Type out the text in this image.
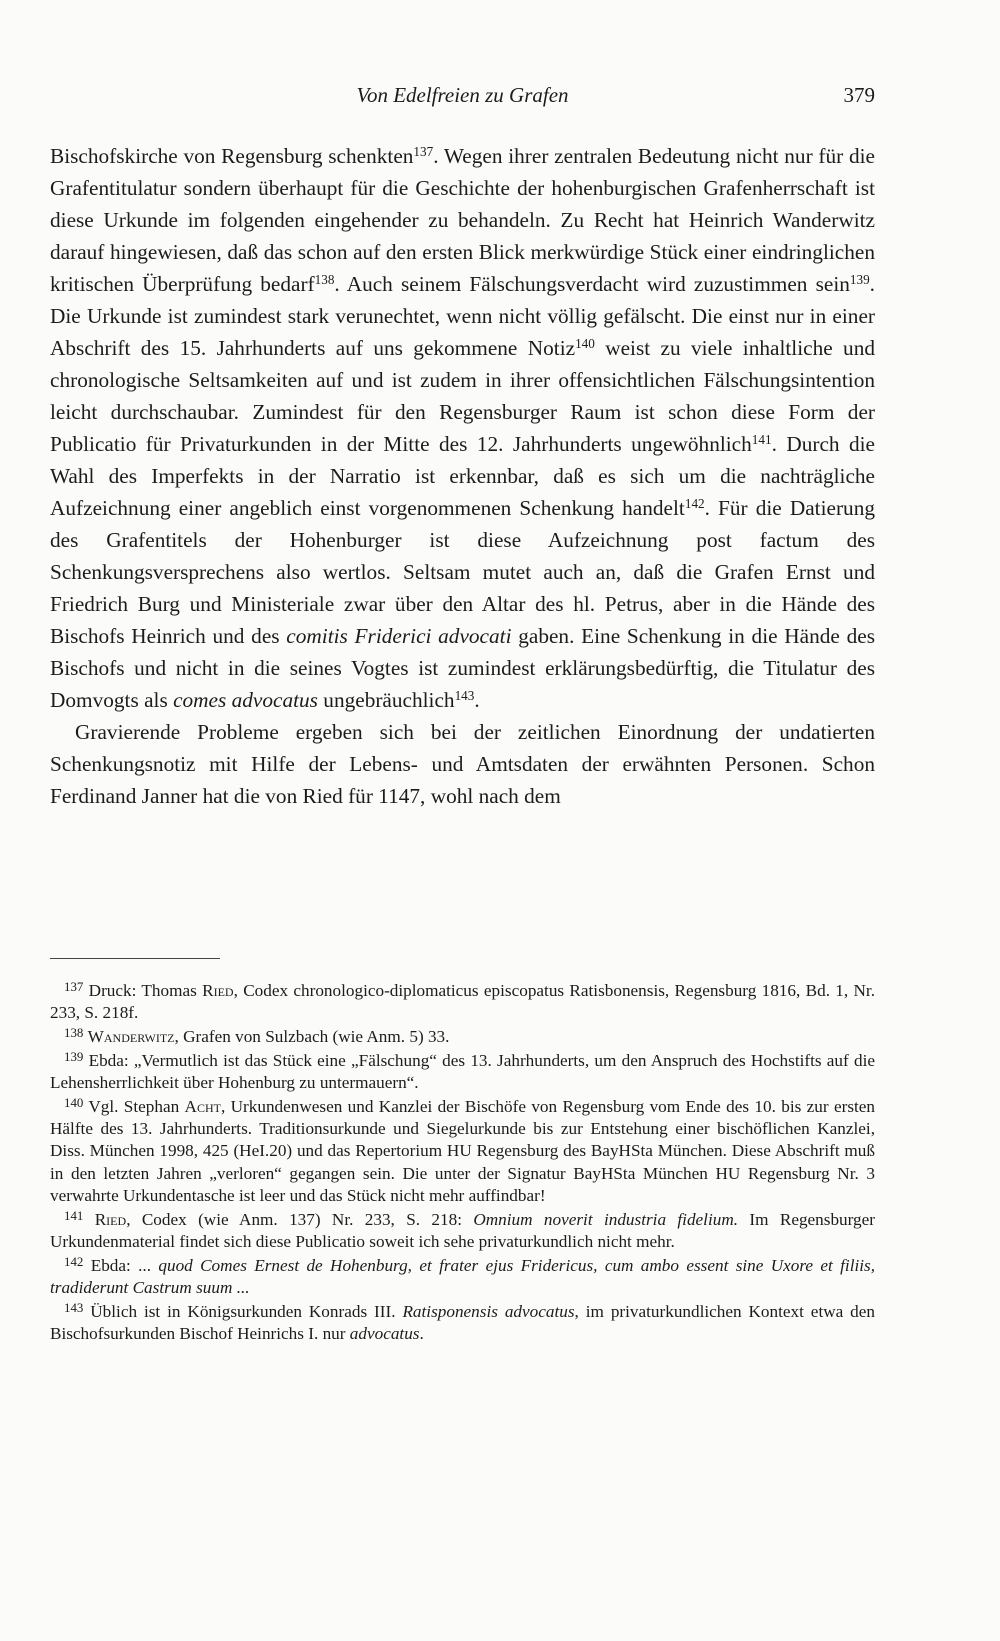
Von Edelfreien zu Grafen	379

Bischofskirche von Regensburg schenkten$^{137}$. Wegen ihrer zentralen Bedeutung nicht nur für die Grafentitulatur sondern überhaupt für die Geschichte der hohenburgischen Grafenherrschaft ist diese Urkunde im folgenden eingehender zu behandeln. Zu Recht hat Heinrich Wanderwitz darauf hingewiesen, daß das schon auf den ersten Blick merkwürdige Stück einer eindringlichen kritischen Überprüfung bedarf$^{138}$. Auch seinem Fälschungsverdacht wird zuzustimmen sein$^{139}$. Die Urkunde ist zumindest stark verunechtet, wenn nicht völlig gefälscht. Die einst nur in einer Abschrift des 15. Jahrhunderts auf uns gekommene Notiz$^{140}$ weist zu viele inhaltliche und chronologische Seltsamkeiten auf und ist zudem in ihrer offensichtlichen Fälschungsintention leicht durchschaubar. Zumindest für den Regensburger Raum ist schon diese Form der Publicatio für Privaturkunden in der Mitte des 12. Jahrhunderts ungewöhnlich$^{141}$. Durch die Wahl des Imperfekts in der Narratio ist erkennbar, daß es sich um die nachträgliche Aufzeichnung einer angeblich einst vorgenommenen Schenkung handelt$^{142}$. Für die Datierung des Grafentitels der Hohenburger ist diese Aufzeichnung post factum des Schenkungsversprechens also wertlos. Seltsam mutet auch an, daß die Grafen Ernst und Friedrich Burg und Ministeriale zwar über den Altar des hl. Petrus, aber in die Hände des Bischofs Heinrich und des comitis Friderici advocati gaben. Eine Schenkung in die Hände des Bischofs und nicht in die seines Vogtes ist zumindest erklärungsbedürftig, die Titulatur des Domvogts als comes advocatus ungebräuchlich$^{143}$.

Gravierende Probleme ergeben sich bei der zeitlichen Einordnung der undatierten Schenkungsnotiz mit Hilfe der Lebens- und Amtsdaten der erwähnten Personen. Schon Ferdinand Janner hat die von Ried für 1147, wohl nach dem

$^{137}$ Druck: Thomas Ried, Codex chronologico-diplomaticus episcopatus Ratisbonensis, Regensburg 1816, Bd. 1, Nr. 233, S. 218f.

$^{138}$ Wanderwitz, Grafen von Sulzbach (wie Anm. 5) 33.

$^{139}$ Ebda: „Vermutlich ist das Stück eine „Fälschung“ des 13. Jahrhunderts, um den Anspruch des Hochstifts auf die Lehensherrlichkeit über Hohenburg zu untermauern“.

$^{140}$ Vgl. Stephan Acht, Urkundenwesen und Kanzlei der Bischöfe von Regensburg vom Ende des 10. bis zur ersten Hälfte des 13. Jahrhunderts. Traditionsurkunde und Siegelurkunde bis zur Entstehung einer bischöflichen Kanzlei, Diss. München 1998, 425 (HeI.20) und das Repertorium HU Regensburg des BayHSta München. Diese Abschrift muß in den letzten Jahren „verloren“ gegangen sein. Die unter der Signatur BayHSta München HU Regensburg Nr. 3 verwahrte Urkundentasche ist leer und das Stück nicht mehr auffindbar!

$^{141}$ Ried, Codex (wie Anm. 137) Nr. 233, S. 218: Omnium noverit industria fidelium. Im Regensburger Urkundenmaterial findet sich diese Publicatio soweit ich sehe privaturkundlich nicht mehr.

$^{142}$ Ebda: ... quod Comes Ernest de Hohenburg, et frater ejus Fridericus, cum ambo essent sine Uxore et filiis, tradiderunt Castrum suum ...

$^{143}$ Üblich ist in Königsurkunden Konrads III. Ratisponensis advocatus, im privaturkundlichen Kontext etwa den Bischofsurkunden Bischof Heinrichs I. nur advocatus.
